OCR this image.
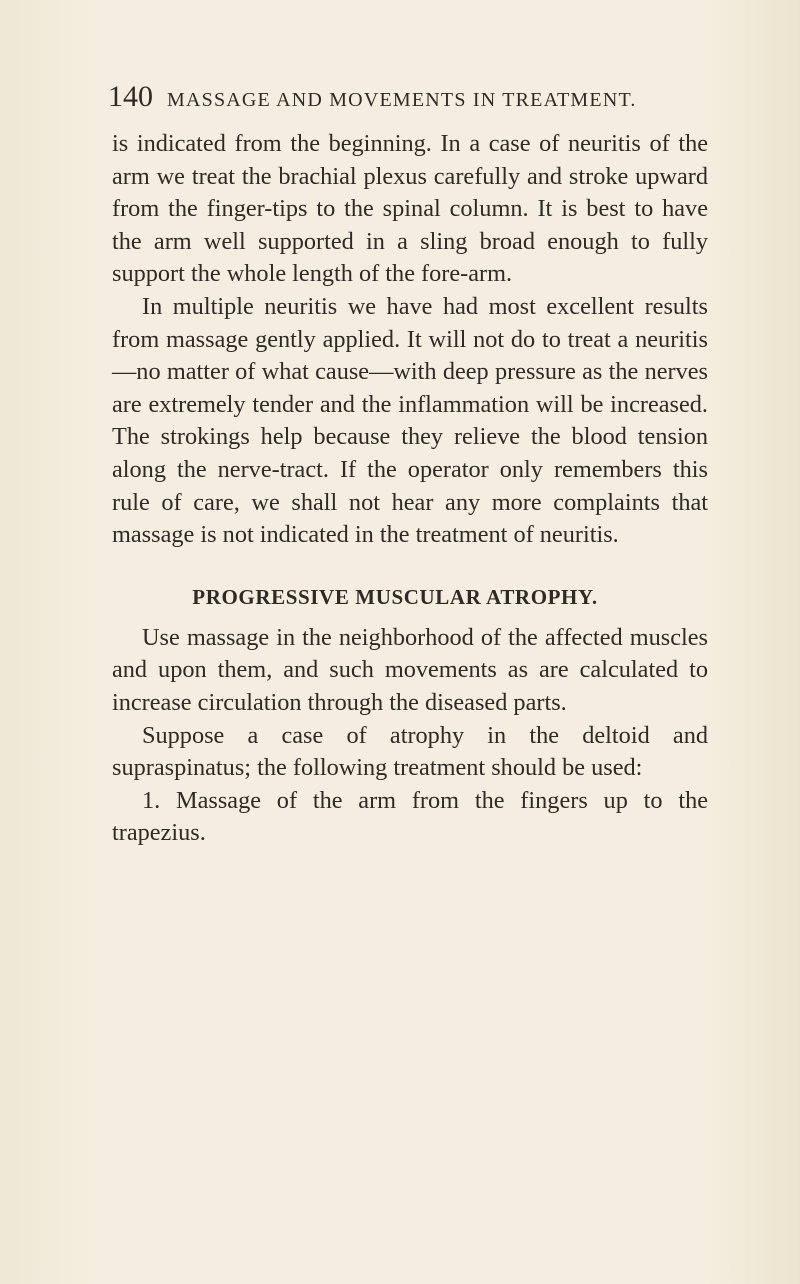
140 MASSAGE AND MOVEMENTS IN TREATMENT.

is indicated from the beginning. In a case of neuritis of the arm we treat the brachial plexus carefully and stroke upward from the finger-tips to the spinal column. It is best to have the arm well supported in a sling broad enough to fully support the whole length of the fore-arm.

In multiple neuritis we have had most excellent results from massage gently applied. It will not do to treat a neuritis—no matter of what cause—with deep pressure as the nerves are extremely tender and the inflammation will be increased. The strokings help because they relieve the blood tension along the nerve-tract. If the operator only remembers this rule of care, we shall not hear any more complaints that massage is not indicated in the treatment of neuritis.

PROGRESSIVE MUSCULAR ATROPHY.

Use massage in the neighborhood of the affected muscles and upon them, and such movements as are calculated to increase circulation through the diseased parts.

Suppose a case of atrophy in the deltoid and supraspinatus; the following treatment should be used:

1. Massage of the arm from the fingers up to the trapezius.
